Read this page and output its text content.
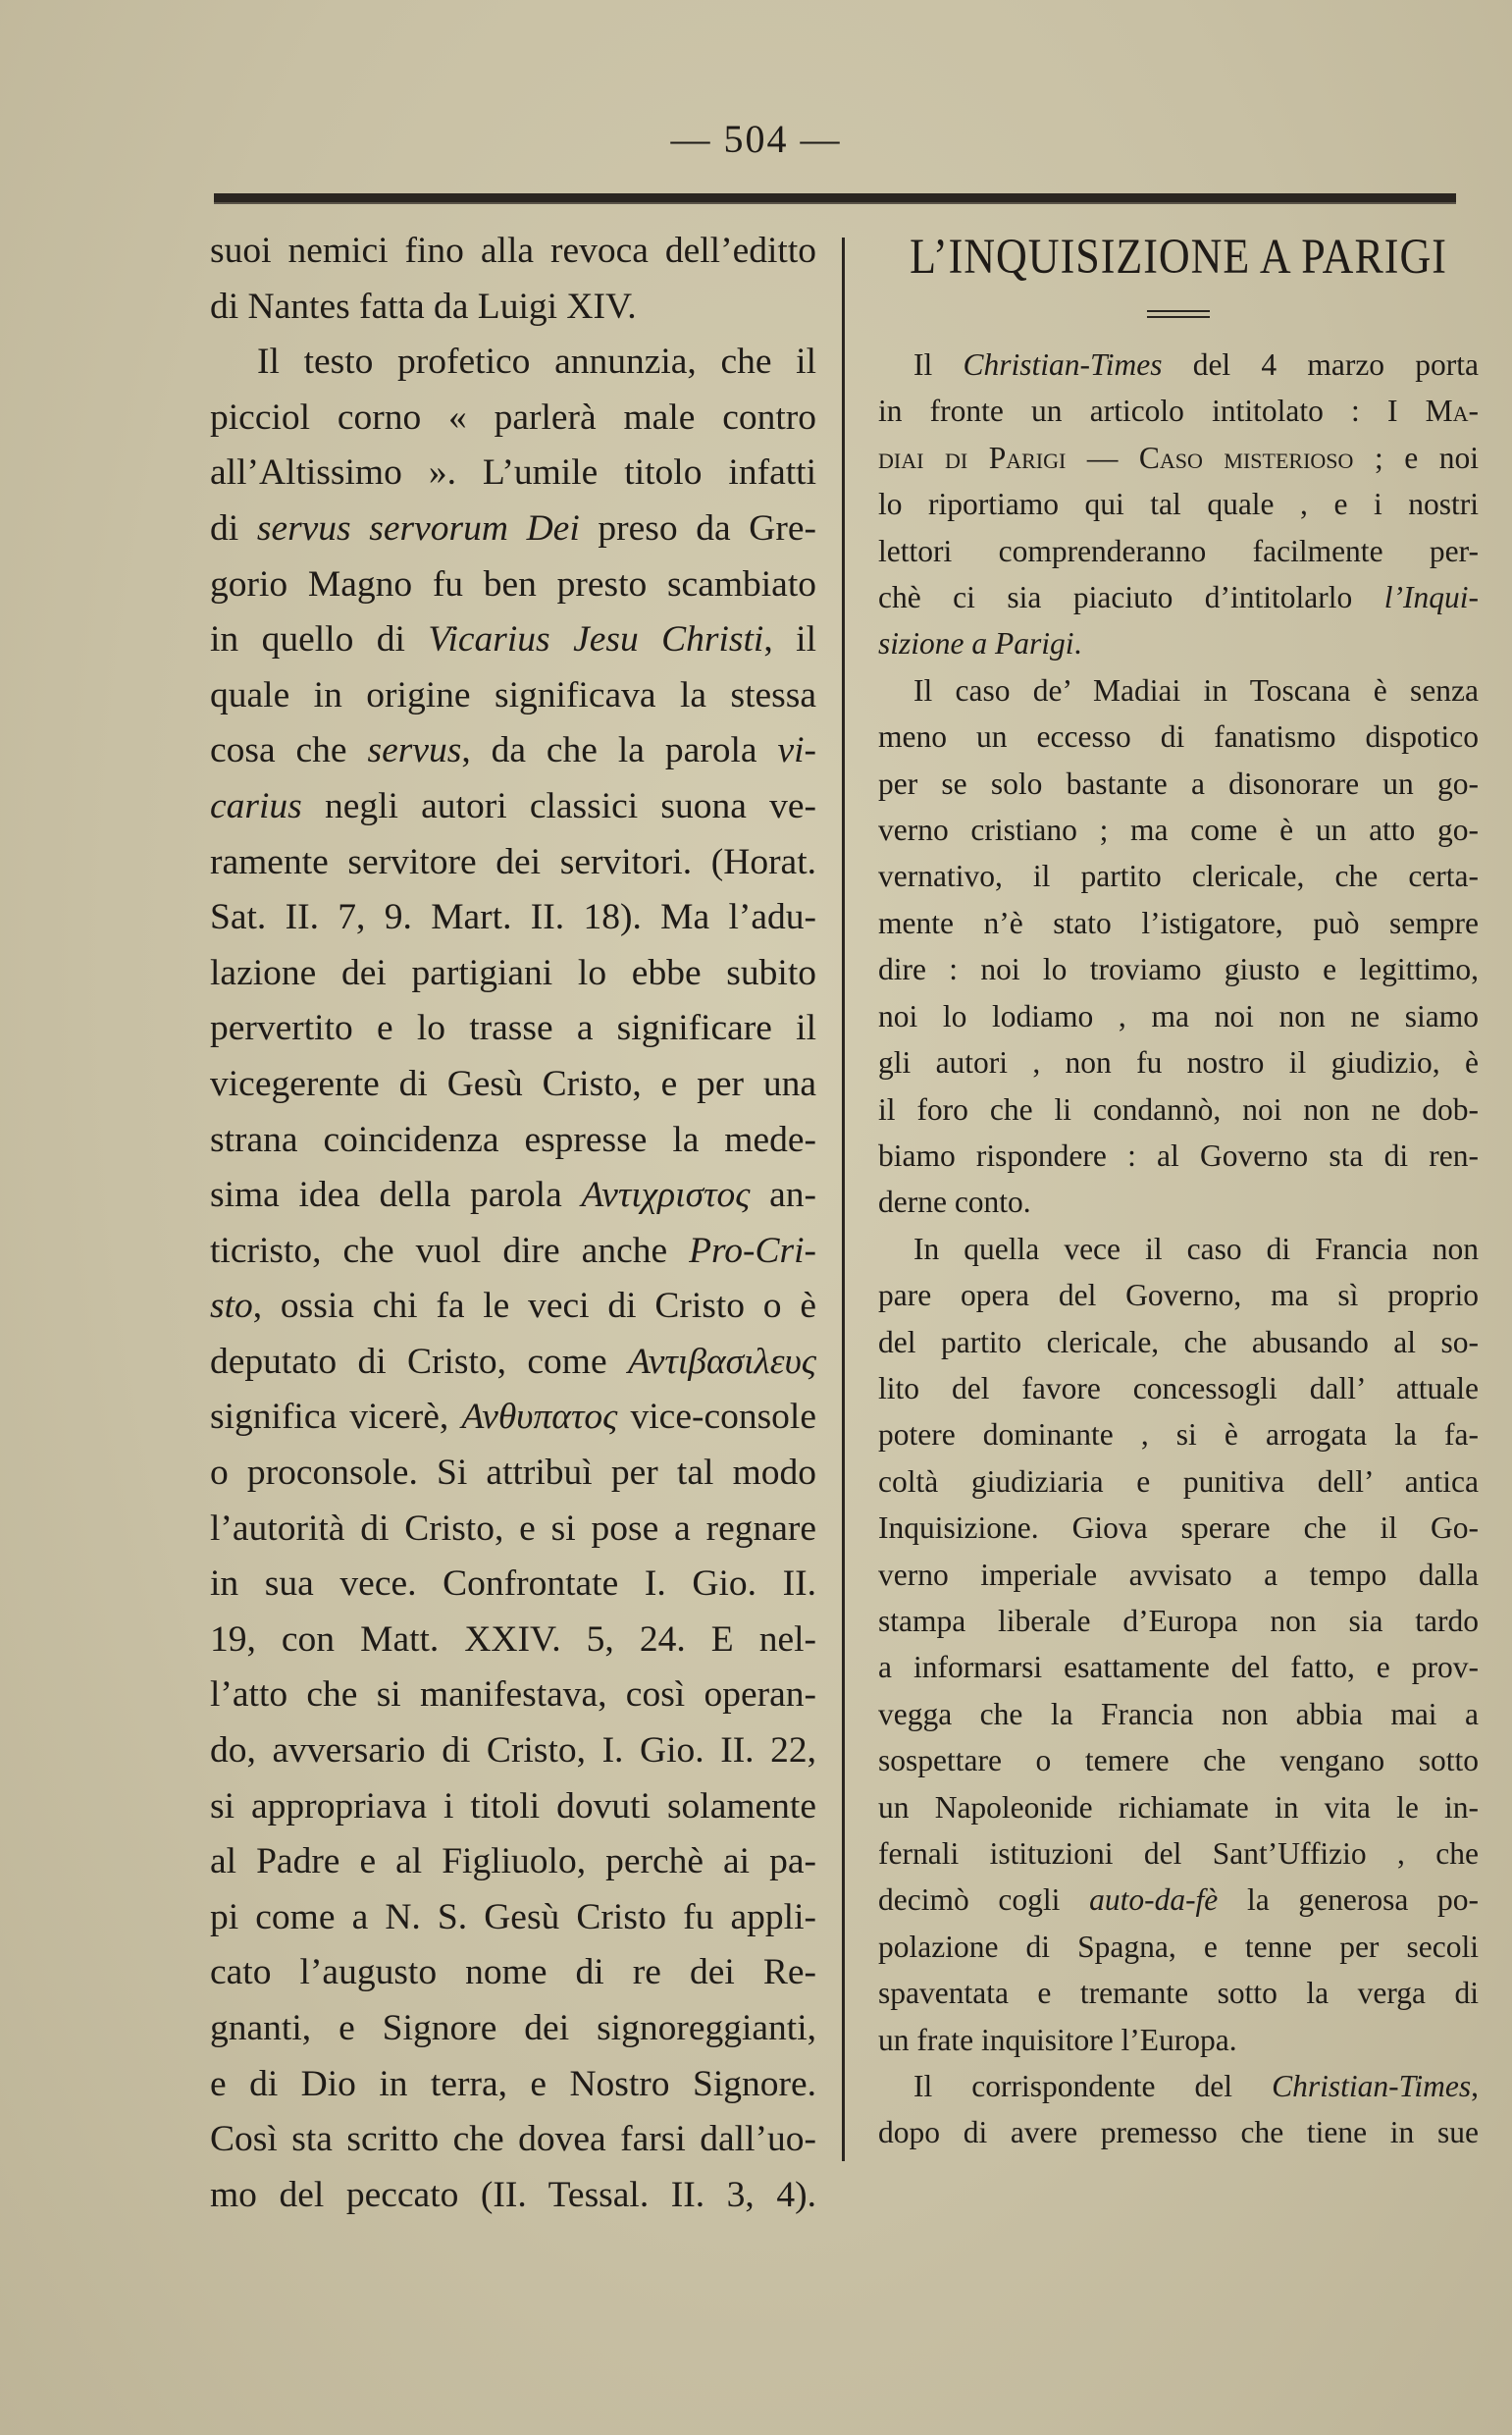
— 504 —
suoi nemici fino alla revoca dell’editto
di Nantes fatta da Luigi XIV.
Il testo profetico annunzia, che il
picciol corno « parlerà male contro
all’Altissimo ». L’umile titolo infatti
di servus servorum Dei preso da Gre-
gorio Magno fu ben presto scambiato
in quello di Vicarius Jesu Christi, il
quale in origine significava la stessa
cosa che servus, da che la parola vi-
carius negli autori classici suona ve-
ramente servitore dei servitori. (Horat.
Sat. II. 7, 9. Mart. II. 18). Ma l’adu-
lazione dei partigiani lo ebbe subito
pervertito e lo trasse a significare il
vicegerente di Gesù Cristo, e per una
strana coincidenza espresse la mede-
sima idea della parola Αντιχριστος an-
ticristo, che vuol dire anche Pro-Cri-
sto, ossia chi fa le veci di Cristo o è
deputato di Cristo, come Αντιβασιλευς
significa vicerè, Ανθυπατος vice-console
o proconsole. Si attribuì per tal modo
l’autorità di Cristo, e si pose a regnare
in sua vece. Confrontate I. Gio. II.
19, con Matt. XXIV. 5, 24. E nel-
l’atto che si manifestava, così operan-
do, avversario di Cristo, I. Gio. II. 22,
si appropriava i titoli dovuti solamente
al Padre e al Figliuolo, perchè ai pa-
pi come a N. S. Gesù Cristo fu appli-
cato l’augusto nome di re dei Re-
gnanti, e Signore dei signoreggianti,
e di Dio in terra, e Nostro Signore.
Così sta scritto che dovea farsi dall’uo-
mo del peccato (II. Tessal. II. 3, 4).
L’INQUISIZIONE A PARIGI
Il Christian-Times del 4 marzo porta
in fronte un articolo intitolato : I Ma-
diai di Parigi — Caso misterioso ; e noi
lo riportiamo qui tal quale , e i nostri
lettori comprenderanno facilmente per-
chè ci sia piaciuto d’intitolarlo l’Inqui-
sizione a Parigi.
Il caso de’ Madiai in Toscana è senza
meno un eccesso di fanatismo dispotico
per se solo bastante a disonorare un go-
verno cristiano ; ma come è un atto go-
vernativo, il partito clericale, che certa-
mente n’è stato l’istigatore, può sempre
dire : noi lo troviamo giusto e legittimo,
noi lo lodiamo , ma noi non ne siamo
gli autori , non fu nostro il giudizio, è
il foro che li condannò, noi non ne dob-
biamo rispondere : al Governo sta di ren-
derne conto.
In quella vece il caso di Francia non
pare opera del Governo, ma sì proprio
del partito clericale, che abusando al so-
lito del favore concessogli dall’ attuale
potere dominante , si è arrogata la fa-
coltà giudiziaria e punitiva dell’ antica
Inquisizione. Giova sperare che il Go-
verno imperiale avvisato a tempo dalla
stampa liberale d’Europa non sia tardo
a informarsi esattamente del fatto, e prov-
vegga che la Francia non abbia mai a
sospettare o temere che vengano sotto
un Napoleonide richiamate in vita le in-
fernali istituzioni del Sant’Uffizio , che
decimò cogli auto-da-fè la generosa po-
polazione di Spagna, e tenne per secoli
spaventata e tremante sotto la verga di
un frate inquisitore l’Europa.
Il corrispondente del Christian-Times,
dopo di avere premesso che tiene in sue
